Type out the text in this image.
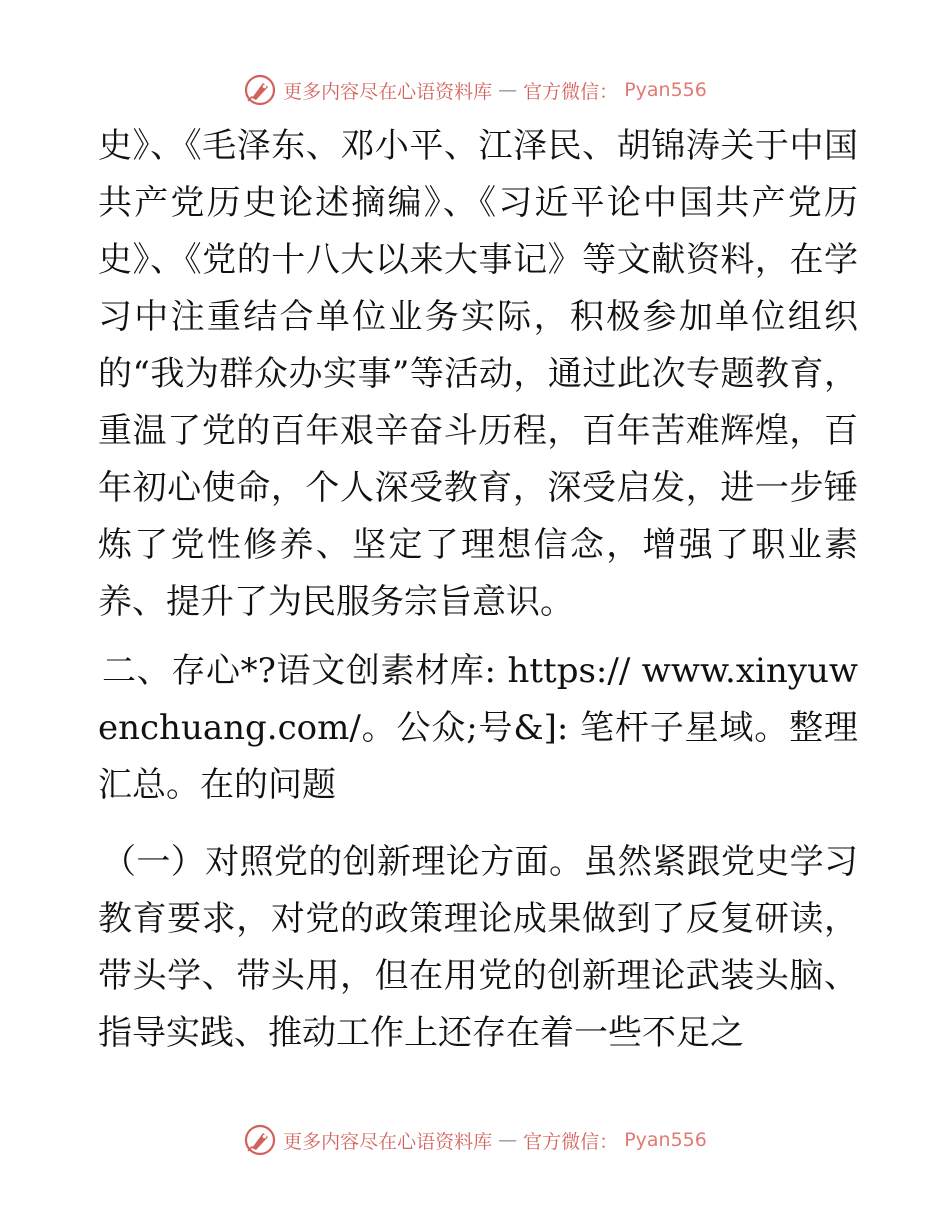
更多内容尽在心语资料库 — 官方微信： Pyan556

史》、《毛泽东、邓小平、江泽民、胡锦涛关于中国共产党历史论述摘编》、《习近平论中国共产党历史》、《党的十八大以来大事记》等文献资料，在学习中注重结合单位业务实际，积极参加单位组织的“我为群众办实事”等活动，通过此次专题教育，重温了党的百年艰辛奋斗历程，百年苦难辉煌，百年初心使命，个人深受教育，深受启发，进一步锤炼了党性修养、坚定了理想信念，增强了职业素养、提升了为民服务宗旨意识。

二、存心*?语文创素材库: https:// www.xinyuwenchuang.com/。公众;号&]: 笔杆子星域。整理汇总。在的问题

（一）对照党的创新理论方面。虽然紧跟党史学习教育要求，对党的政策理论成果做到了反复研读，带头学、带头用，但在用党的创新理论武装头脑、指导实践、推动工作上还存在着一些不足之

更多内容尽在心语资料库 — 官方微信： Pyan556
